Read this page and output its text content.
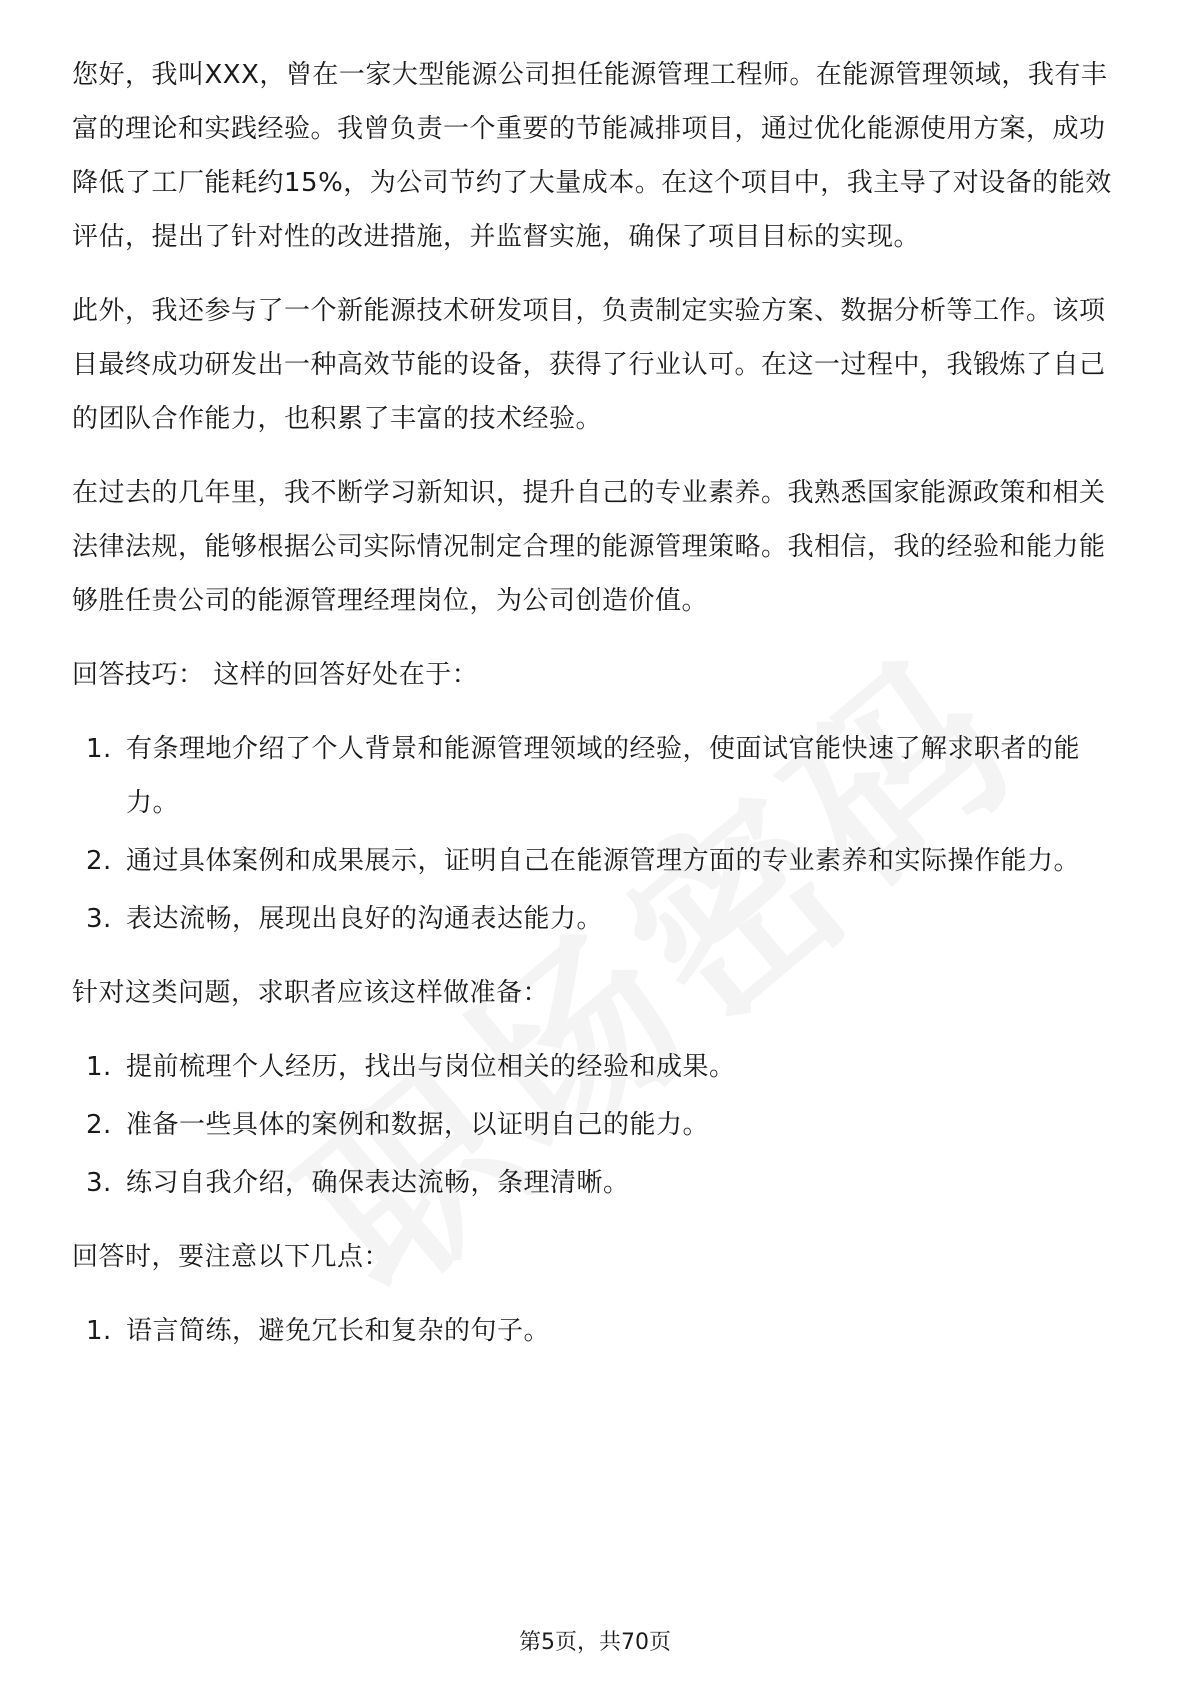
您好，我叫XXX，曾在一家大型能源公司担任能源管理工程师。在能源管理领域，我有丰富的理论和实践经验。我曾负责一个重要的节能减排项目，通过优化能源使用方案，成功降低了工厂能耗约15%，为公司节约了大量成本。在这个项目中，我主导了对设备的能效评估，提出了针对性的改进措施，并监督实施，确保了项目目标的实现。

此外，我还参与了一个新能源技术研发项目，负责制定实验方案、数据分析等工作。该项目最终成功研发出一种高效节能的设备，获得了行业认可。在这一过程中，我锻炼了自己的团队合作能力，也积累了丰富的技术经验。

在过去的几年里，我不断学习新知识，提升自己的专业素养。我熟悉国家能源政策和相关法律法规，能够根据公司实际情况制定合理的能源管理策略。我相信，我的经验和能力能够胜任贵公司的能源管理经理岗位，为公司创造价值。

回答技巧： 这样的回答好处在于：

1. 有条理地介绍了个人背景和能源管理领域的经验，使面试官能快速了解求职者的能力。
2. 通过具体案例和成果展示，证明自己在能源管理方面的专业素养和实际操作能力。
3. 表达流畅，展现出良好的沟通表达能力。

针对这类问题，求职者应该这样做准备：

1. 提前梳理个人经历，找出与岗位相关的经验和成果。
2. 准备一些具体的案例和数据，以证明自己的能力。
3. 练习自我介绍，确保表达流畅，条理清晰。

回答时，要注意以下几点：

1. 语言简练，避免冗长和复杂的句子。
第5页，共70页
